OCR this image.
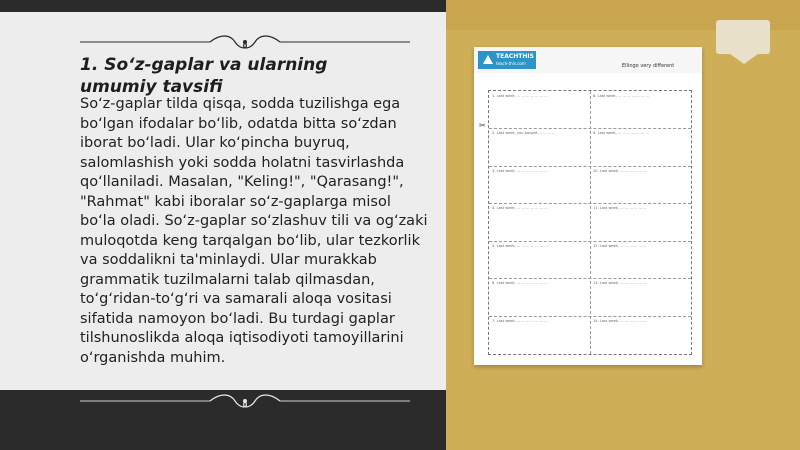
1. So‘z-gaplar va ularning umumiy tavsifi

So‘z-gaplar tilda qisqa, sodda tuzilishga ega bo‘lgan ifodalar bo‘lib, odatda bitta so‘zdan iborat bo‘ladi. Ular ko‘pincha buyruq, salomlashish yoki sodda holatni tasvirlashda qo‘llaniladi. Masalan, "Keling!", "Qarasang!", "Rahmat" kabi iboralar so‘z-gaplarga misol bo‘la oladi. So‘z-gaplar so‘zlashuv tili va og‘zaki muloqotda keng tarqalgan bo‘lib, ular tezkorlik va soddalikni ta'minlaydi. Ular murakkab grammatik tuzilmalarni talab qilmasdan, to‘g‘ridan-to‘g‘ri va samarali aloqa vositasi sifatida namoyon bo‘ladi. Bu turdagi gaplar tilshunoslikda aloqa iqtisodiyoti tamoyillarini o‘rganishda muhim.

TEACHTHIS
teach-this.com	Ellingo very different

1. Last week, ... ... ... ... ... ... ...	8. Last week, ... ... ... ... ... ... ...

2. Last week, you bought ... ... ... ...	9. Last week, ... ... ... ... ... ... ...

3. Last week, ... ... ... ... ... ... ...	10. Last week, ... ... ... ... ... ...

4. Last week, ... ... ... ... ... ... ...	11. Last week, ... ... ... ... ... ...

5. Last week, ... ... ... ... ... ... ...	12. Last week, ... ... ... ... ... ...

6. Last week, ... ... ... ... ... ... ...	13. Last week, ... ... ... ... ... ...

7. Last week, ... ... ... ... ... ... ...	14. Last week, ... ... ... ... ... ...

✂
